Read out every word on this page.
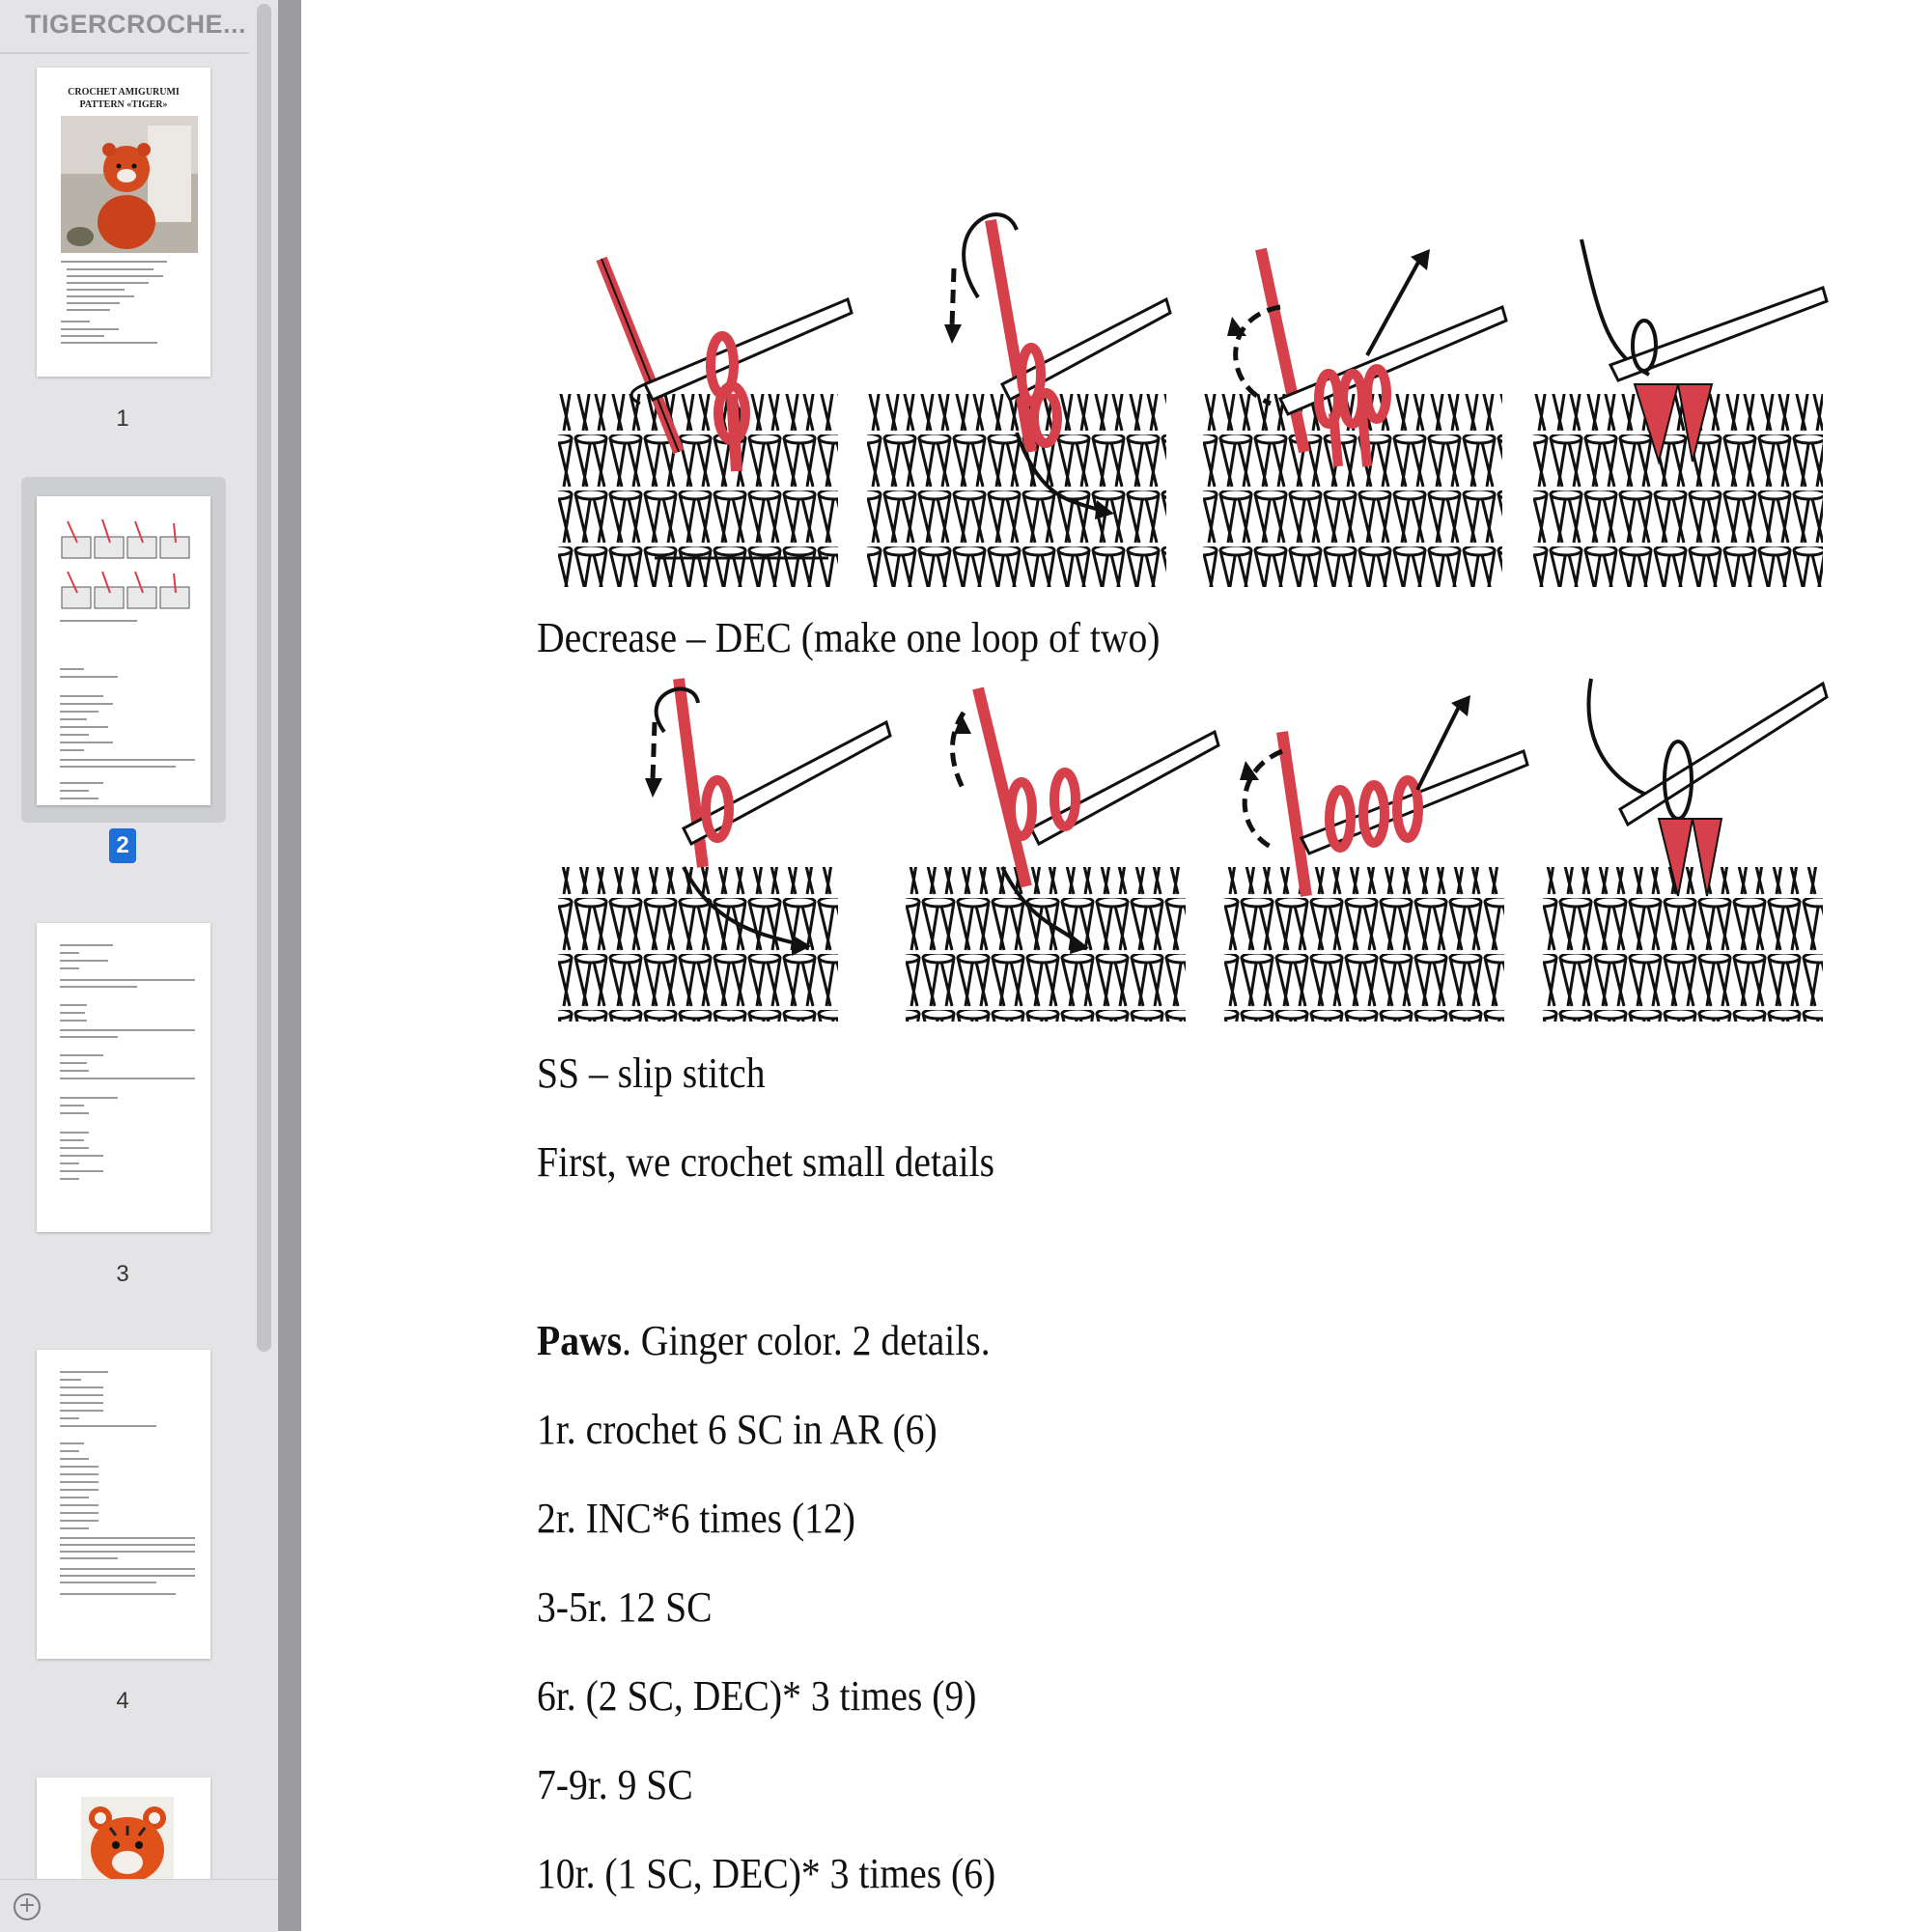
TIGERCROCHE...
CROCHET AMIGURUMI
PATTERN «TIGER»
1
2
3
4
+
Decrease – DEC (make one loop of two)
SS – slip stitch
First, we crochet small details
Paws. Ginger color. 2 details.
1r. crochet 6 SC in AR (6)
2r. INC*6 times (12)
3-5r. 12 SC
6r. (2 SC, DEC)* 3 times (9)
7-9r. 9 SC
10r. (1 SC, DEC)* 3 times (6)
